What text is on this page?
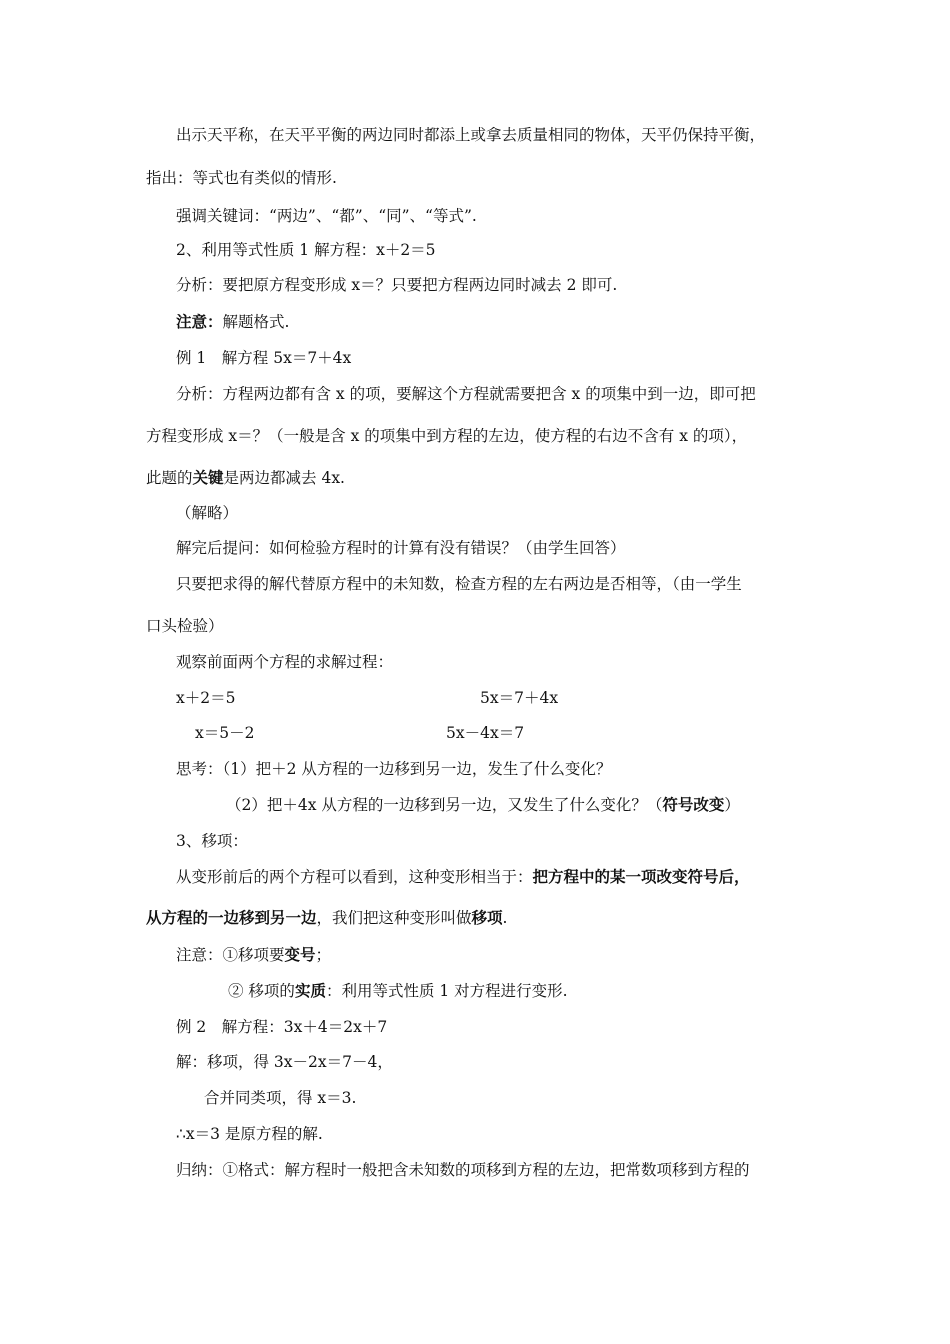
出示天平称，在天平平衡的两边同时都添上或拿去质量相同的物体，天平仍保持平衡，
指出：等式也有类似的情形.
强调关键词：“两边”、“都”、“同”、“等式”.
2、利用等式性质 1 解方程：x＋2＝5
分析：要把原方程变形成 x＝？只要把方程两边同时减去 2 即可.
注意：解题格式.
例 1　解方程 5x＝7＋4x
分析：方程两边都有含 x 的项，要解这个方程就需要把含 x 的项集中到一边，即可把
方程变形成 x＝？（一般是含 x 的项集中到方程的左边，使方程的右边不含有 x 的项），
此题的关键是两边都减去 4x.
（解略）
解完后提问：如何检验方程时的计算有没有错误？（由学生回答）
只要把求得的解代替原方程中的未知数，检查方程的左右两边是否相等，（由一学生
口头检验）
观察前面两个方程的求解过程：
x＋2＝5	5x＝7＋4x
x＝5－2	5x－4x＝7
思考：（1）把＋2 从方程的一边移到另一边，发生了什么变化？
（2）把＋4x 从方程的一边移到另一边，又发生了什么变化？（符号改变）
3、移项：
从变形前后的两个方程可以看到，这种变形相当于：把方程中的某一项改变符号后，
从方程的一边移到另一边，我们把这种变形叫做移项.
注意：①移项要变号；
② 移项的实质：利用等式性质 1 对方程进行变形.
例 2　解方程：3x＋4＝2x＋7
解：移项，得 3x－2x＝7－4，
合并同类项，得 x＝3.
∴x＝3 是原方程的解.
归纳：①格式：解方程时一般把含未知数的项移到方程的左边，把常数项移到方程的
